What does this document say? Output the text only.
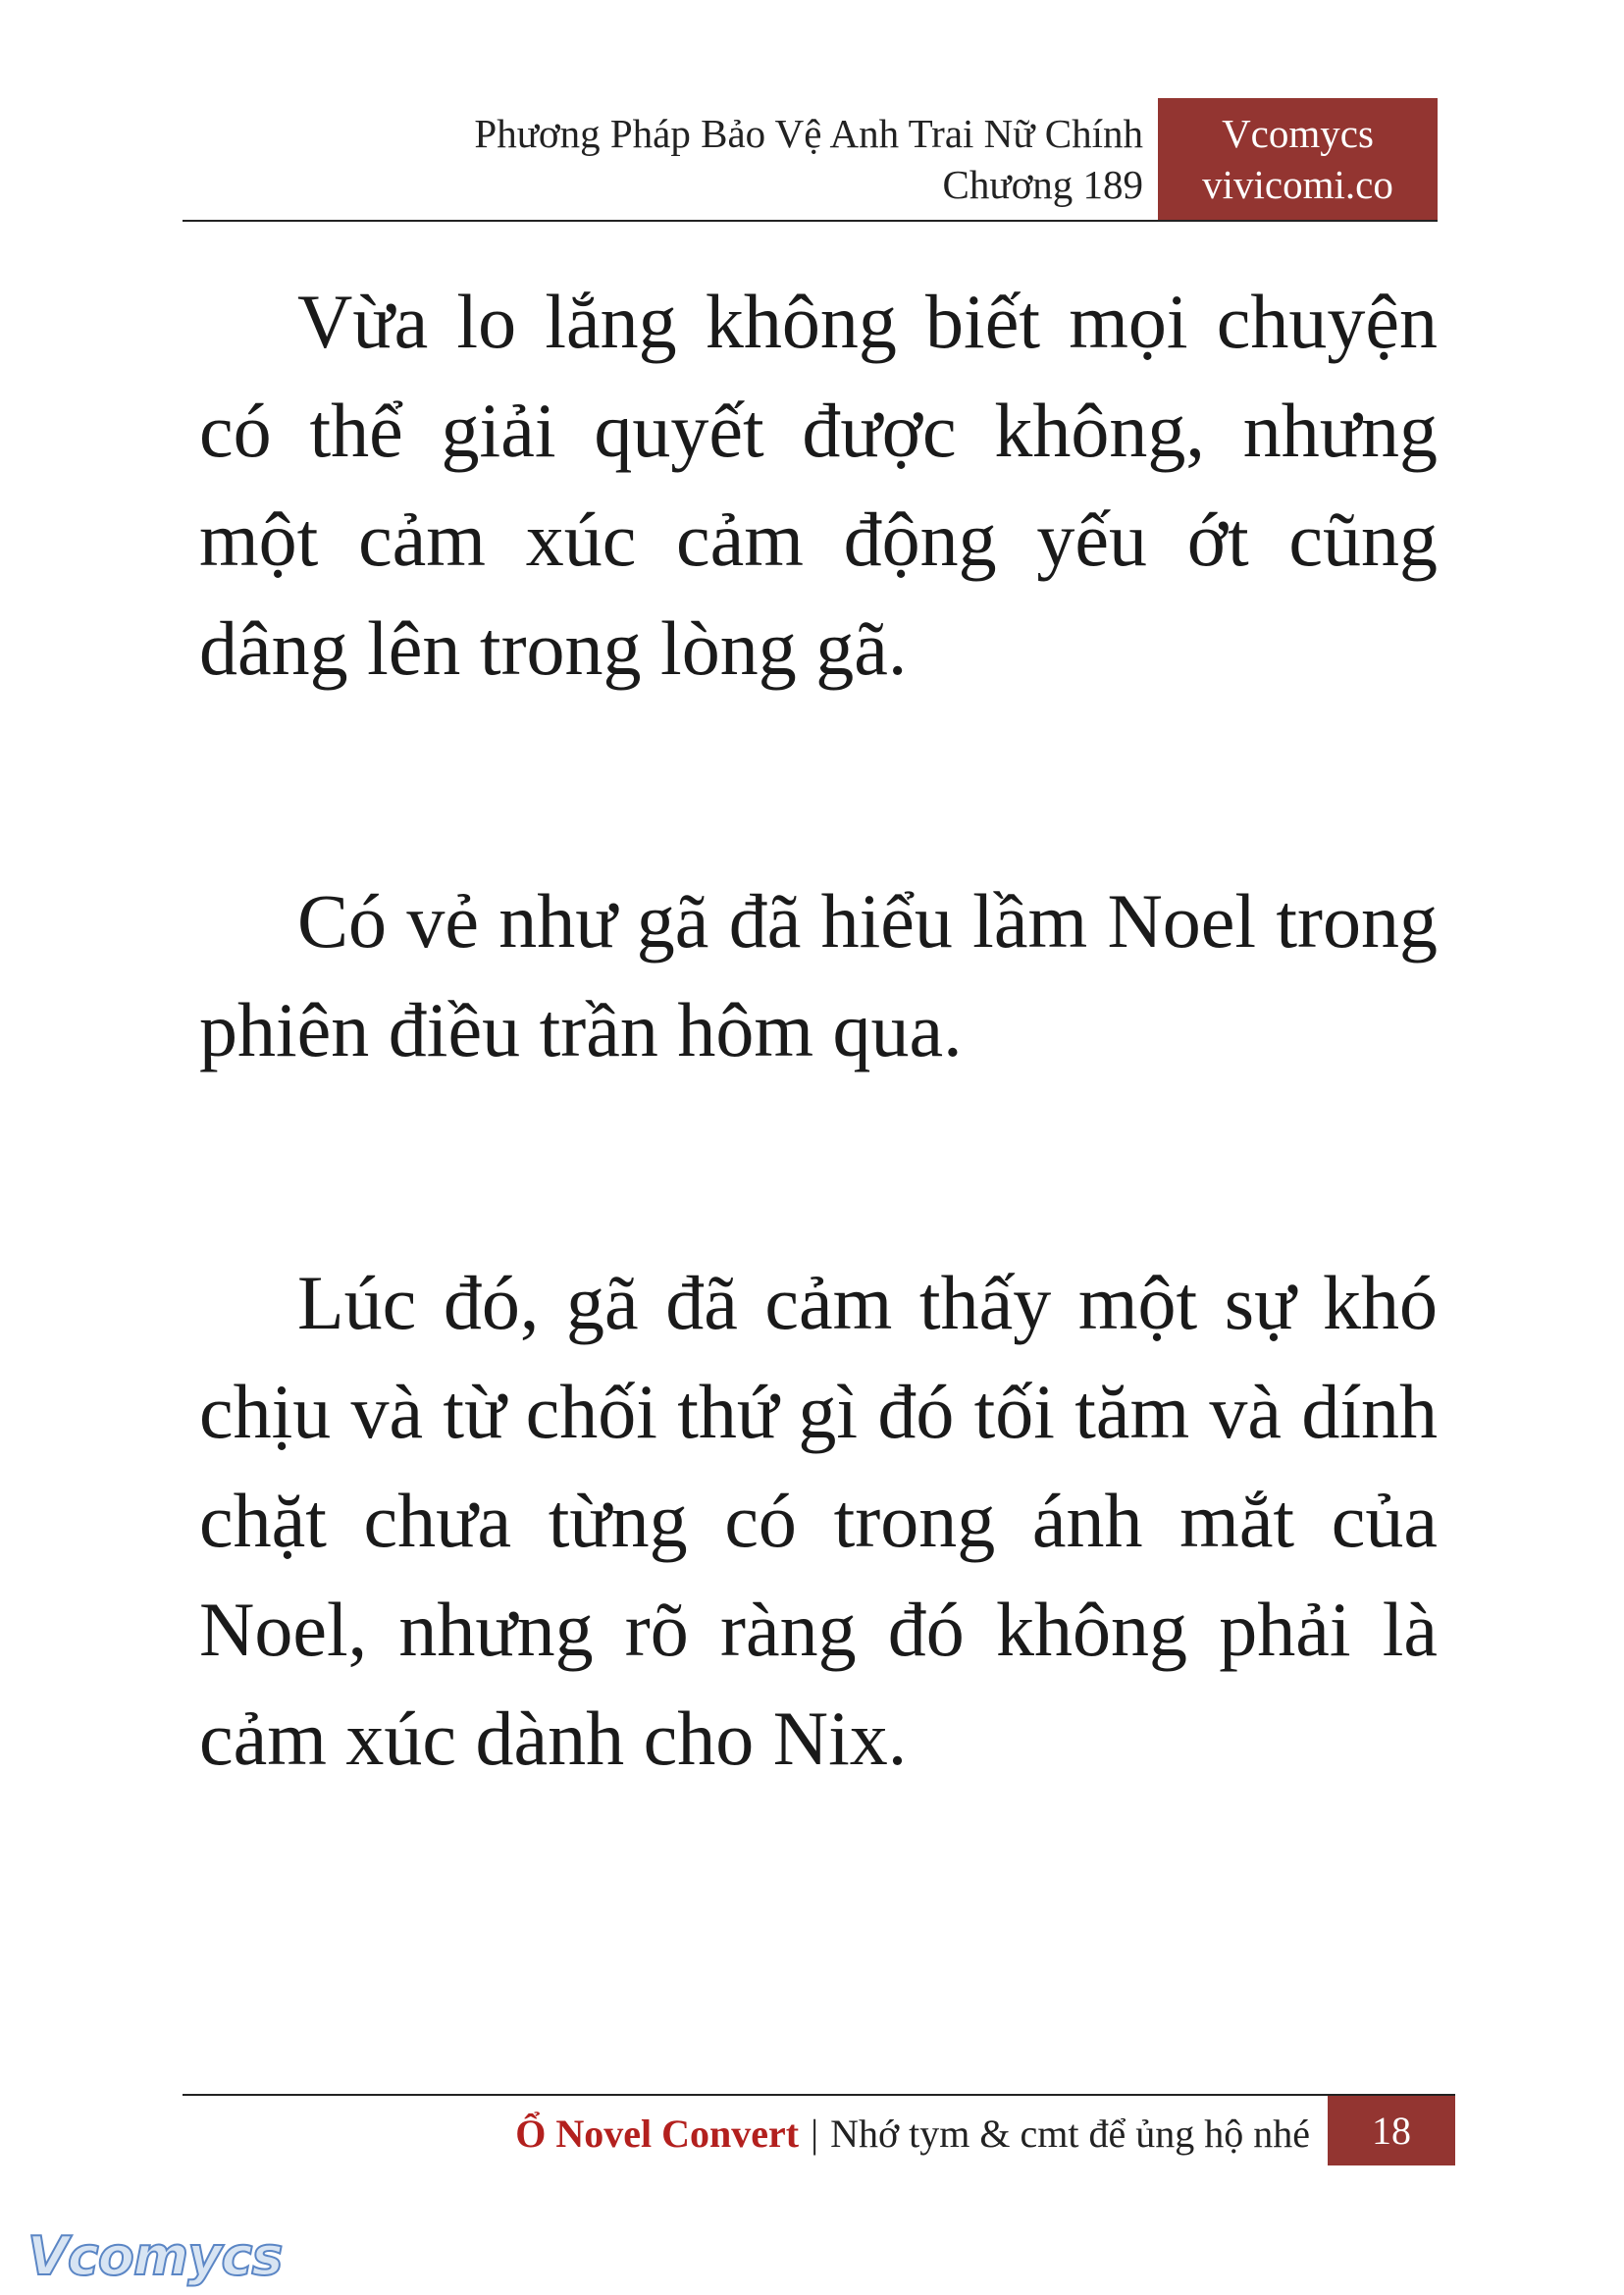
Phương Pháp Bảo Vệ Anh Trai Nữ Chính
Chương 189
Vcomycs
vivicomi.co

Vừa lo lắng không biết mọi chuyện có thể giải quyết được không, nhưng một cảm xúc cảm động yếu ớt cũng dâng lên trong lòng gã.

Có vẻ như gã đã hiểu lầm Noel trong phiên điều trần hôm qua.

Lúc đó, gã đã cảm thấy một sự khó chịu và từ chối thứ gì đó tối tăm và dính chặt chưa từng có trong ánh mắt của Noel, nhưng rõ ràng đó không phải là cảm xúc dành cho Nix.

Ổ Novel Convert | Nhớ tym & cmt để ủng hộ nhé	18
Vcomycs
